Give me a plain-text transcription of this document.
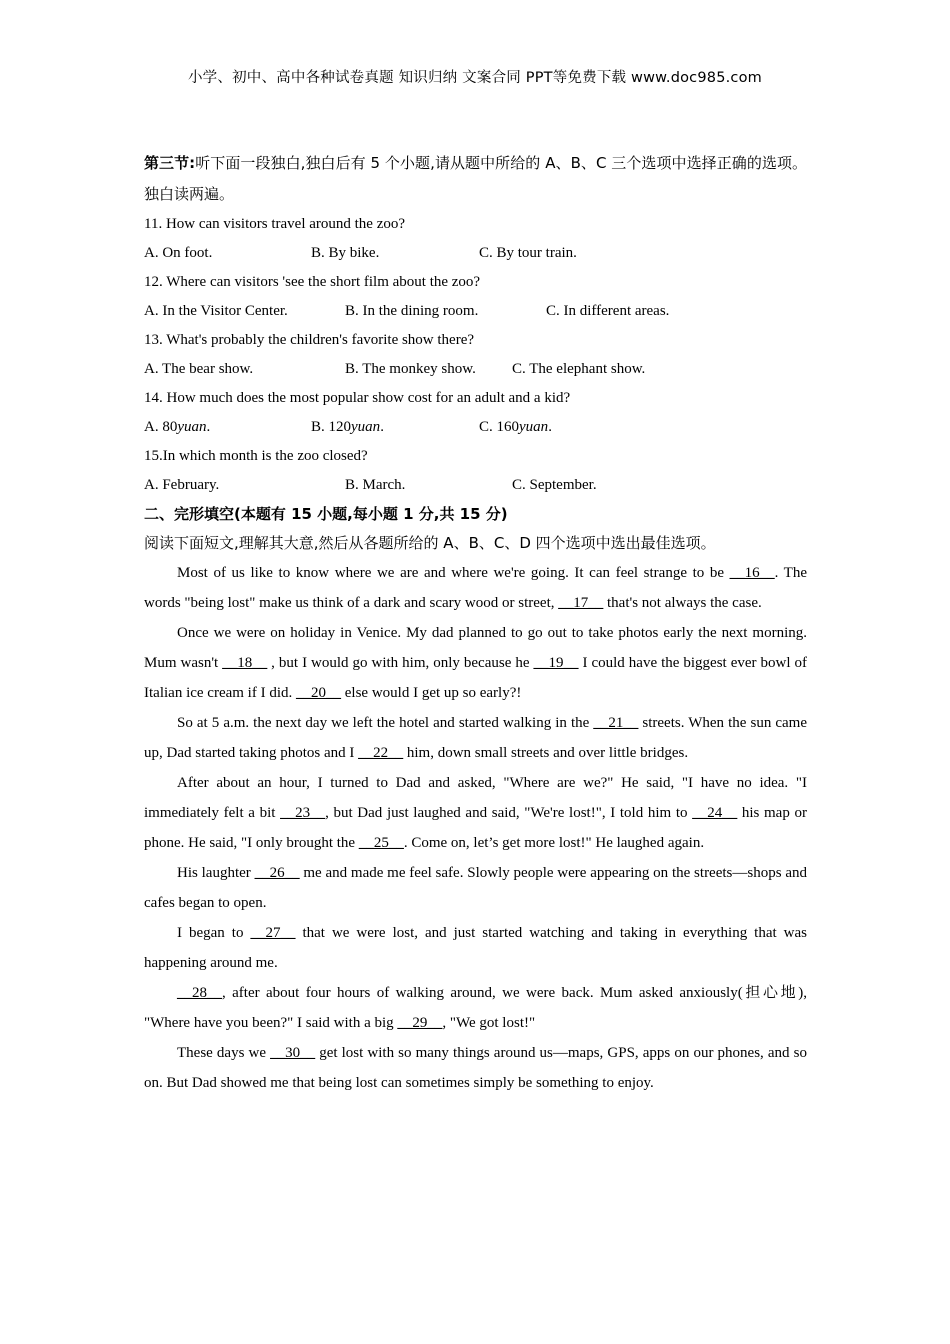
小学、初中、高中各种试卷真题 知识归纳 文案合同 PPT等免费下载 www.doc985.com

第三节:听下面一段独白,独白后有 5 个小题,请从题中所给的 A、B、C 三个选项中选择正确的选项。独白读两遍。

11. How can visitors travel around the zoo?
A. On foot.	B. By bike.	C. By tour train.
12. Where can visitors 'see the short film about the zoo?
A. In the Visitor Center.	B. In the dining room.	C. In different areas.
13. What's probably the children's favorite show there?
A. The bear show.	B. The monkey show. C. The elephant show.
14. How much does the most popular show cost for an adult and a kid?
A. 80yuan.	B. 120yuan.	C. 160yuan.
15.In which month is the zoo closed?
A. February.	B. March.	C. September.
二、完形填空(本题有 15 小题,每小题 1 分,共 15 分)
阅读下面短文,理解其大意,然后从各题所给的 A、B、C、D 四个选项中选出最佳选项。

Most of us like to know where we are and where we're going. It can feel strange to be __16__. The words "being lost" make us think of a dark and scary wood or street, __17__ that's not always the case.

Once we were on holiday in Venice. My dad planned to go out to take photos early the next morning. Mum wasn't __18__ , but I would go with him, only because he __19__ I could have the biggest ever bowl of Italian ice cream if I did. __20__ else would I get up so early?!

So at 5 a.m. the next day we left the hotel and started walking in the __21__ streets. When the sun came up, Dad started taking photos and I __22__ him, down small streets and over little bridges.

After about an hour, I turned to Dad and asked, "Where are we?" He said, "I have no idea. "I immediately felt a bit __23__, but Dad just laughed and said, "We're lost!", I told him to __24__ his map or phone. He said, "I only brought the __25__. Come on, let’s get more lost!" He laughed again.

His laughter __26__ me and made me feel safe. Slowly people were appearing on the streets—shops and cafes began to open.

I began to __27__ that we were lost, and just started watching and taking in everything that was happening around me.

__28__, after about four hours of walking around, we were back. Mum asked anxiously(担心地), "Where have you been?" I said with a big __29__, "We got lost!"

These days we __30__ get lost with so many things around us—maps, GPS, apps on our phones, and so on. But Dad showed me that being lost can sometimes simply be something to enjoy.
